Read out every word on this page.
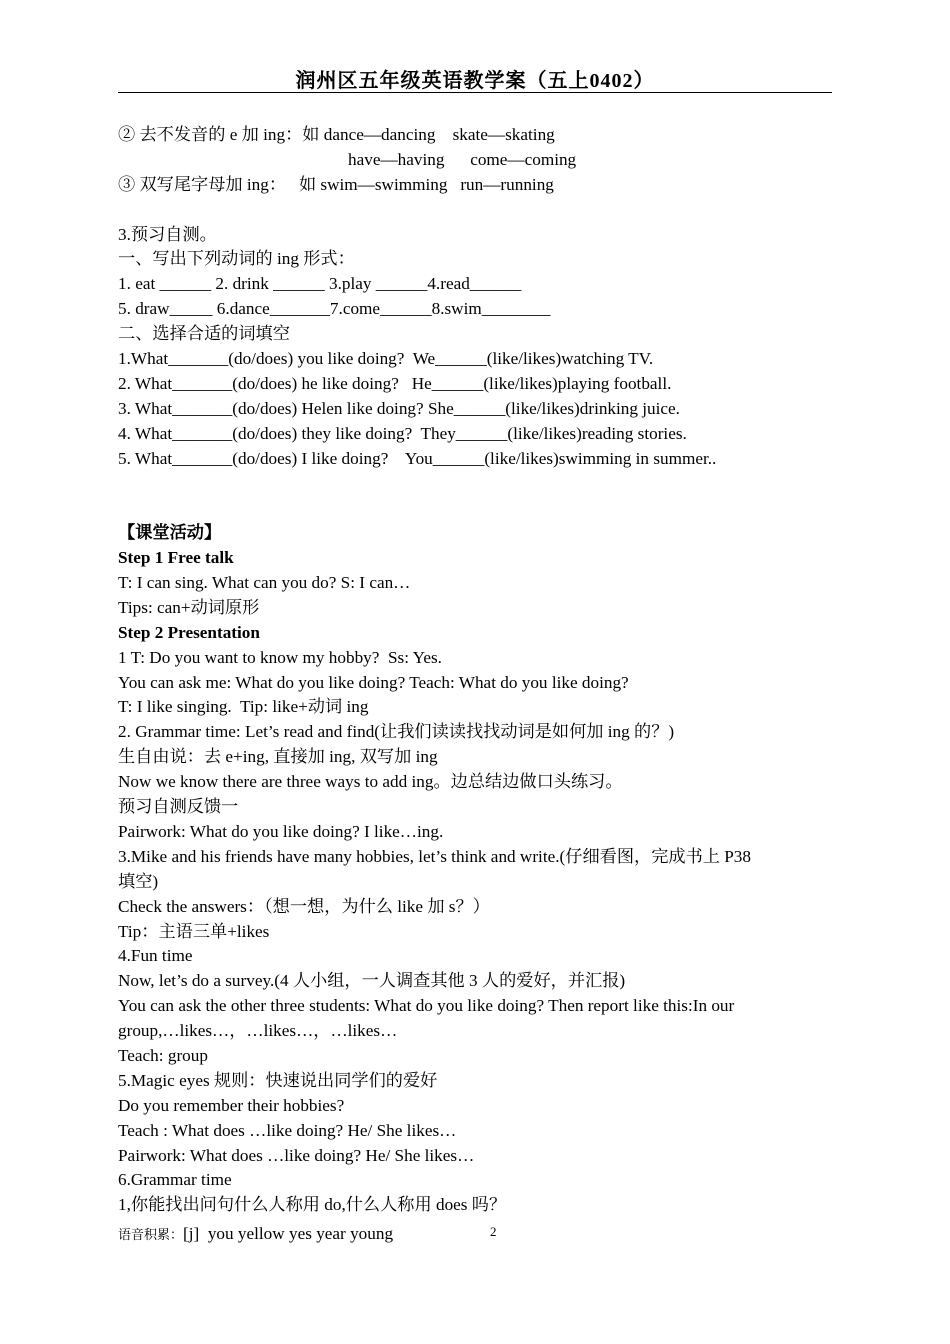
润州区五年级英语教学案（五上0402）
② 去不发音的 e 加 ing：如 dance—dancing    skate—skating
have—having      come—coming
③ 双写尾字母加 ing：   如 swim—swimming   run—running
3.预习自测。
一、写出下列动词的 ing 形式：
1. eat ______ 2. drink ______ 3.play ______4.read______
5. draw_____ 6.dance_______7.come______8.swim________
二、选择合适的词填空
1.What_______(do/does) you like doing?  We______(like/likes)watching TV.
2. What_______(do/does) he like doing?   He______(like/likes)playing football.
3. What_______(do/does) Helen like doing? She______(like/likes)drinking juice.
4. What_______(do/does) they like doing?  They______(like/likes)reading stories.
5. What_______(do/does) I like doing?    You______(like/likes)swimming in summer..
【课堂活动】
Step 1 Free talk
T: I can sing. What can you do? S: I can…
Tips: can+动词原形
Step 2 Presentation
1 T: Do you want to know my hobby?  Ss: Yes.
You can ask me: What do you like doing? Teach: What do you like doing?
T: I like singing.  Tip: like+动词 ing
2. Grammar time: Let’s read and find(让我们读读找找动词是如何加 ing 的？)
生自由说：去 e+ing, 直接加 ing, 双写加 ing
Now we know there are three ways to add ing。边总结边做口头练习。
预习自测反馈一
Pairwork: What do you like doing? I like…ing.
3.Mike and his friends have many hobbies, let’s think and write.(仔细看图，完成书上 P38
填空)
Check the answers：（想一想，为什么 like 加 s？）
Tip：主语三单+likes
4.Fun time
Now, let’s do a survey.(4 人小组，一人调查其他 3 人的爱好，并汇报)
You can ask the other three students: What do you like doing? Then report like this:In our
group,…likes…，…likes…，…likes…
Teach: group
5.Magic eyes 规则：快速说出同学们的爱好
Do you remember their hobbies?
Teach : What does …like doing? He/ She likes…
Pairwork: What does …like doing? He/ She likes…
6.Grammar time
1,你能找出问句什么人称用 do,什么人称用 does 吗？
语音积累：[j]  you yellow yes year young	2
